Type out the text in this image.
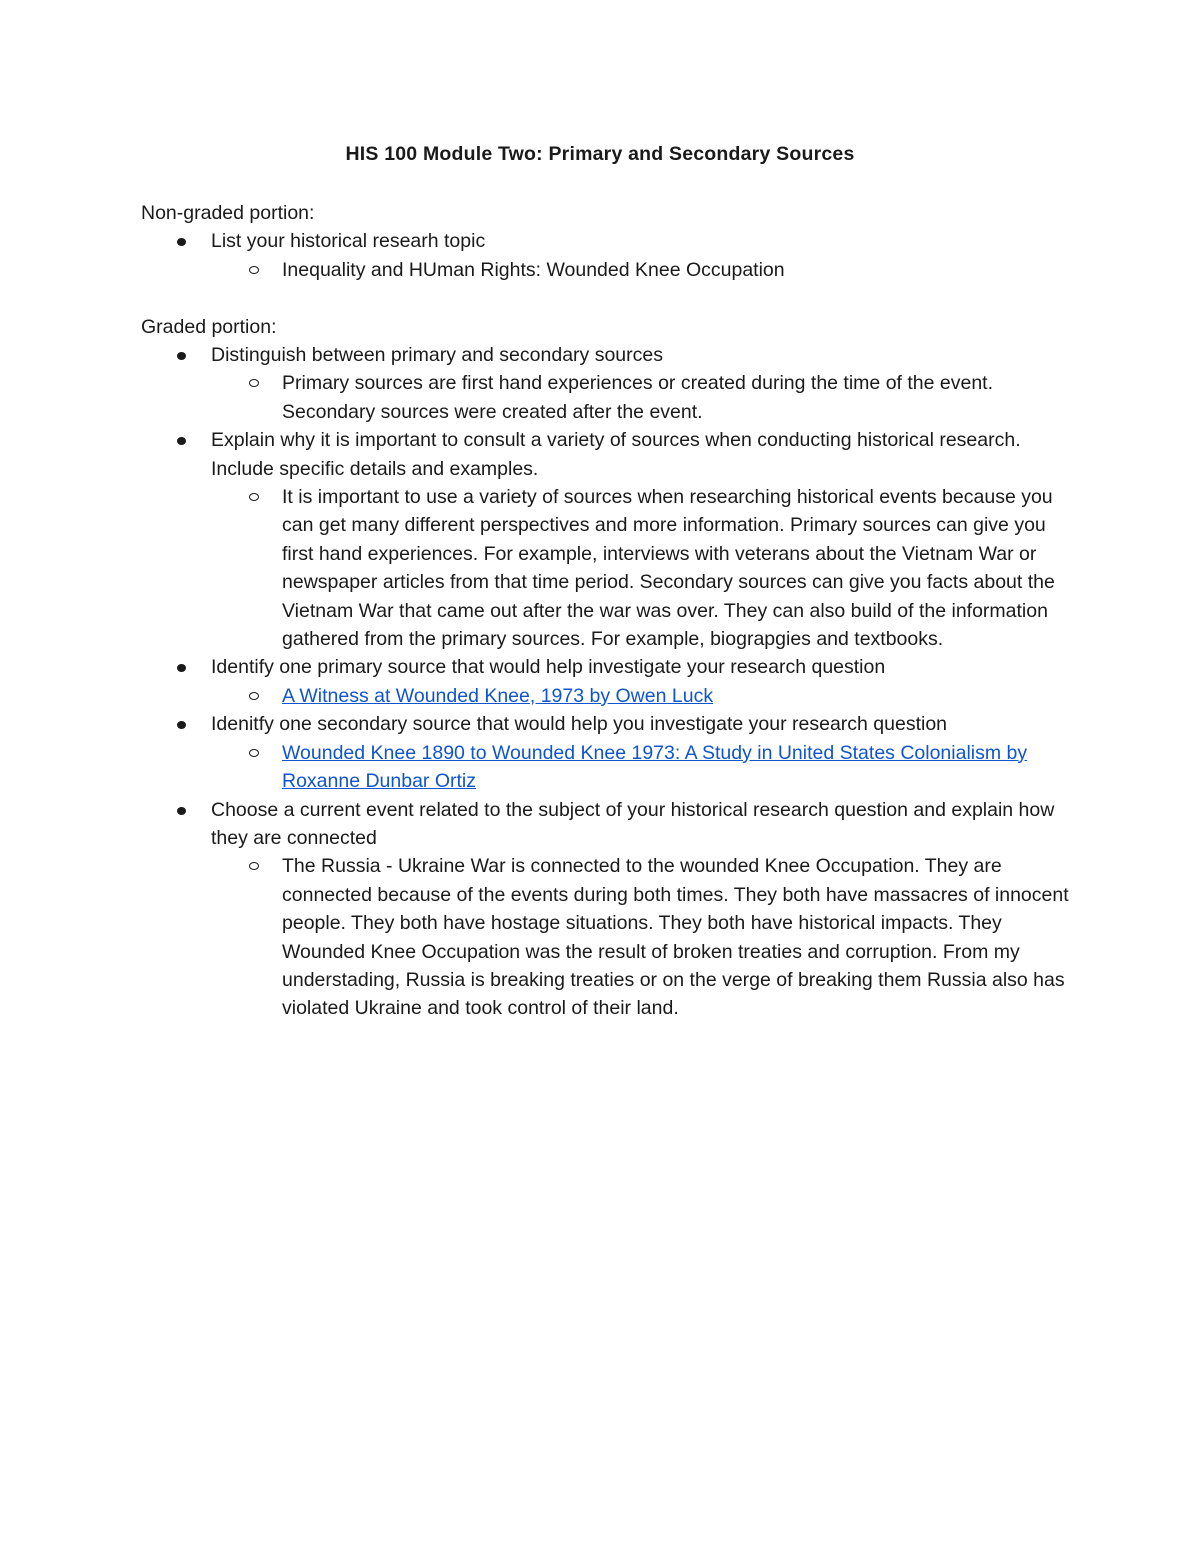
HIS 100 Module Two: Primary and Secondary Sources

Non-graded portion:

List your historical researh topic
Inequality and HUman Rights: Wounded Knee Occupation

Graded portion:

Distinguish between primary and secondary sources
Primary sources are first hand experiences or created during the time of the event. Secondary sources were created after the event.
Explain why it is important to consult a variety of sources when conducting historical research. Include specific details and examples.
It is important to use a variety of sources when researching historical events because you can get many different perspectives and more information. Primary sources can give you first hand experiences. For example, interviews with veterans about the Vietnam War or newspaper articles from that time period. Secondary sources can give you facts about the Vietnam War that came out after the war was over. They can also build of the information gathered from the primary sources. For example, biograpgies and textbooks.
Identify one primary source that would help investigate your research question
A Witness at Wounded Knee, 1973 by Owen Luck
Idenitfy one secondary source that would help you investigate your research question
Wounded Knee 1890 to Wounded Knee 1973: A Study in United States Colonialism by Roxanne Dunbar Ortiz
Choose a current event related to the subject of your historical research question and explain how they are connected
The Russia - Ukraine War is connected to the wounded Knee Occupation. They are connected because of the events during both times. They both have massacres of innocent people. They both have hostage situations. They both have historical impacts. They Wounded Knee Occupation was the result of broken treaties and corruption. From my understading, Russia is breaking treaties or on the verge of breaking them Russia also has violated Ukraine and took control of their land.
